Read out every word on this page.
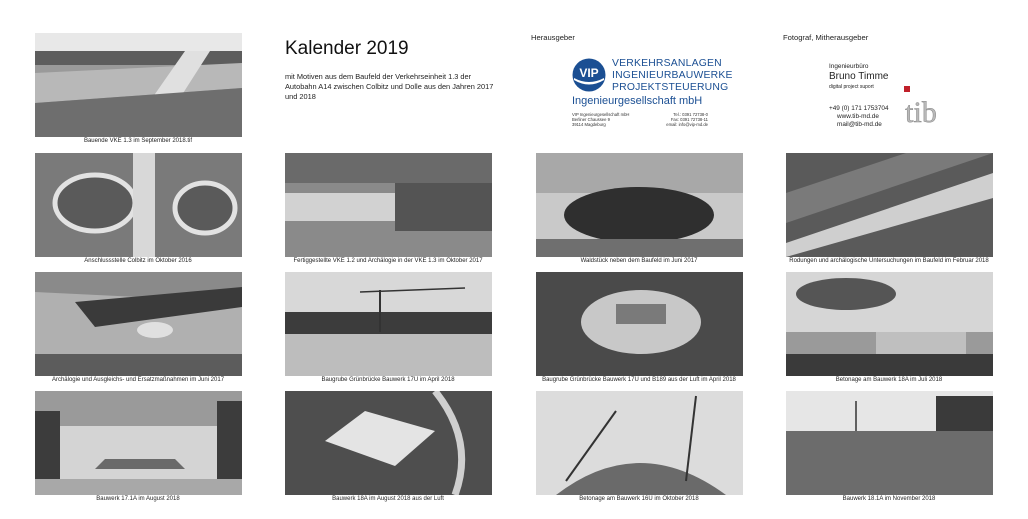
Kalender 2019
mit Motiven aus dem Baufeld der Verkehrseinheit 1.3 der Autobahn A14 zwischen Colbitz und Dolle aus den Jahren 2017 und 2018
Herausgeber	Fotograf, Mitherausgeber
VIP
VERKEHRSANLAGEN
INGENIEURBAUWERKE
PROJEKTSTEUERUNG
Ingenieurgesellschaft mbH
VIP Ingenieurgesellschaft mbH
Berliner Chaussee 9
39114 Magdeburg
Tel.: 0391 72738-0
Fax: 0391 72738-11
email: info@vip-md.de
Ingenieurbüro
Bruno Timme
digital project suport
+49 (0) 171 1753704
www.tib-md.de
mail@tib-md.de tib
Bauende VKE 1.3 im September 2018.tif
Anschlussstelle Colbitz im Oktober 2016	Fertiggestellte VKE 1.2 und Archälogie in der VKE 1.3 im Oktober 2017	Waldstück neben dem Baufeld im Juni 2017	Rodungen und archälogische Untersuchungen im Baufeld im Februar 2018
Archälogie und Ausgleichs- und Ersatzmaßnahmen im Juni 2017	Baugrube Grünbrücke Bauwerk 17U im April 2018	Baugrube Grünbrücke Bauwerk 17U und B189 aus der Luft im April 2018	Betonage am Bauwerk 18A im Juli 2018
Bauwerk 17.1A im August 2018	Bauwerk 18A im August 2018 aus der Luft	Betonage am Bauwerk 16U im Oktober 2018	Bauwerk 18.1A im November 2018
